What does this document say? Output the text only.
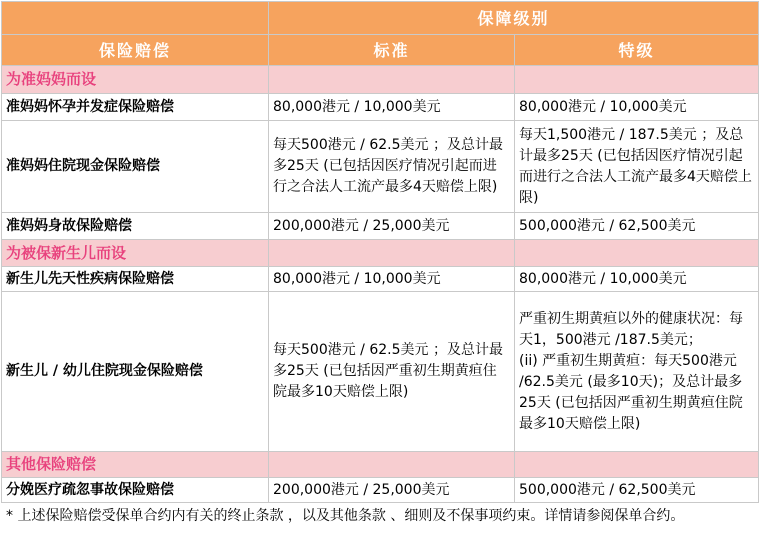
	保障级别	
保险赔偿	标准	特级
为准妈妈而设		
准妈妈怀孕并发症保险赔偿	80,000港元 / 10,000美元	80,000港元 / 10,000美元
准妈妈住院现金保险赔偿	每天500港元 / 62.5美元 ；及总计最多25天 (已包括因医疗情况引起而进行之合法人工流产最多4天赔偿上限)	每天1,500港元 / 187.5美元 ；及总计最多25天 (已包括因医疗情况引起而进行之合法人工流产最多4天赔偿上限)
准妈妈身故保险赔偿	200,000港元 / 25,000美元	500,000港元 / 62,500美元
为被保新生儿而设		
新生儿先天性疾病保险赔偿	80,000港元 / 10,000美元	80,000港元 / 10,000美元
新生儿 / 幼儿住院现金保险赔偿	每天500港元 / 62.5美元 ；及总计最多25天 (已包括因严重初生期黄疸住院最多10天赔偿上限)	严重初生期黄疸以外的健康状况：每天1，500港元 /187.5美元；
(ii) 严重初生期黄疸：每天500港元 /62.5美元 (最多10天)；及总计最多25天 (已包括因严重初生期黄疸住院最多10天赔偿上限)
其他保险赔偿		
分娩医疗疏忽事故保险赔偿	200,000港元 / 25,000美元	500,000港元 / 62,500美元
* 上述保险赔偿受保单合约内有关的终止条款 ，以及其他条款 、细则及不保事项约束。详情请参阅保单合约。
